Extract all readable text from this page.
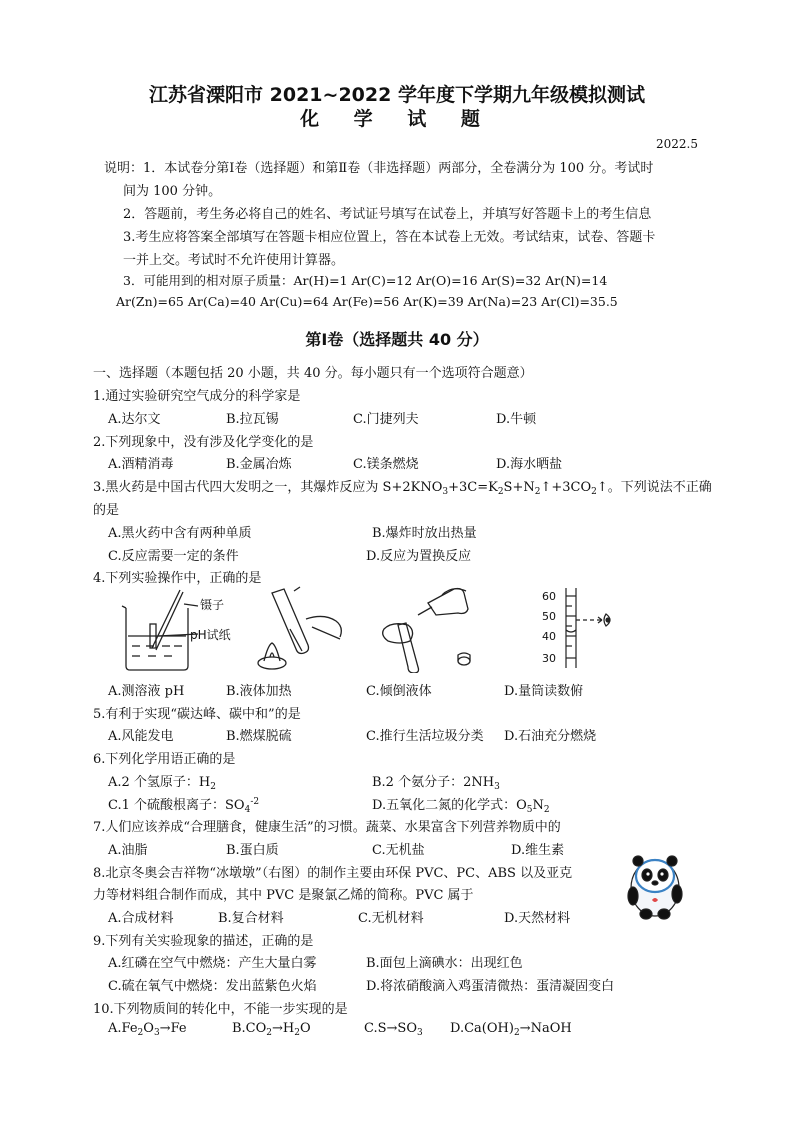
江苏省溧阳市 2021~2022 学年度下学期九年级模拟测试
化 学 试 题
2022.5
说明：1．本试卷分第Ⅰ卷（选择题）和第Ⅱ卷（非选择题）两部分，全卷满分为 100 分。考试时
间为 100 分钟。
2．答题前，考生务必将自己的姓名、考试证号填写在试卷上，并填写好答题卡上的考生信息
3.考生应将答案全部填写在答题卡相应位置上，答在本试卷上无效。考试结束，试卷、答题卡
一并上交。考试时不允许使用计算器。
3．可能用到的相对原子质量：Ar(H)=1 Ar(C)=12 Ar(O)=16 Ar(S)=32 Ar(N)=14
Ar(Zn)=65 Ar(Ca)=40 Ar(Cu)=64 Ar(Fe)=56 Ar(K)=39 Ar(Na)=23 Ar(Cl)=35.5
第Ⅰ卷（选择题共 40 分）
一、选择题（本题包括 20 小题，共 40 分。每小题只有一个选项符合题意）
1.通过实验研究空气成分的科学家是
A.达尔文	B.拉瓦锡	C.门捷列夫	D.牛顿
2.下列现象中，没有涉及化学变化的是
A.酒精消毒	B.金属冶炼	C.镁条燃烧	D.海水晒盐
3.黑火药是中国古代四大发明之一，其爆炸反应为 $S+2KNO_3+3C=K_2S+N_2↑+3CO_2↑$。下列说法不正确
的是
A.黑火药中含有两种单质	B.爆炸时放出热量
C.反应需要一定的条件	D.反应为置换反应
4.下列实验操作中，正确的是
镊子
pH试纸
60
50
40
30
A.测溶液 pH	B.液体加热	C.倾倒液体	D.量筒读数俯
5.有利于实现“碳达峰、碳中和”的是
A.风能发电	B.燃煤脱硫	C.推行生活垃圾分类 D.石油充分燃烧
6.下列化学用语正确的是
A.2 个氢原子：$H_2$	B.2 个氨分子：$2NH_3$
C.1 个硫酸根离子：$SO_4^{-2}$	D.五氧化二氮的化学式：$O_5N_2$
7.人们应该养成“合理膳食，健康生活”的习惯。蔬菜、水果富含下列营养物质中的
A.油脂	B.蛋白质	C.无机盐	D.维生素
8.北京冬奥会吉祥物“冰墩墩”（右图）的制作主要由环保 PVC、PC、ABS 以及亚克
力等材料组合制作而成，其中 PVC 是聚氯乙烯的简称。PVC 属于
A.合成材料	B.复合材料	C.无机材料	D.天然材料
9.下列有关实验现象的描述，正确的是
A.红磷在空气中燃烧：产生大量白雾	B.面包上滴碘水：出现红色
C.硫在氧气中燃烧：发出蓝紫色火焰	D.将浓硝酸滴入鸡蛋清微热：蛋清凝固变白
10.下列物质间的转化中，不能一步实现的是
$A.Fe_2O_3\to Fe$	$B.CO_2\to H_2O$	$C.S\to SO_3$ $D.Ca(OH)_2\to NaOH$
